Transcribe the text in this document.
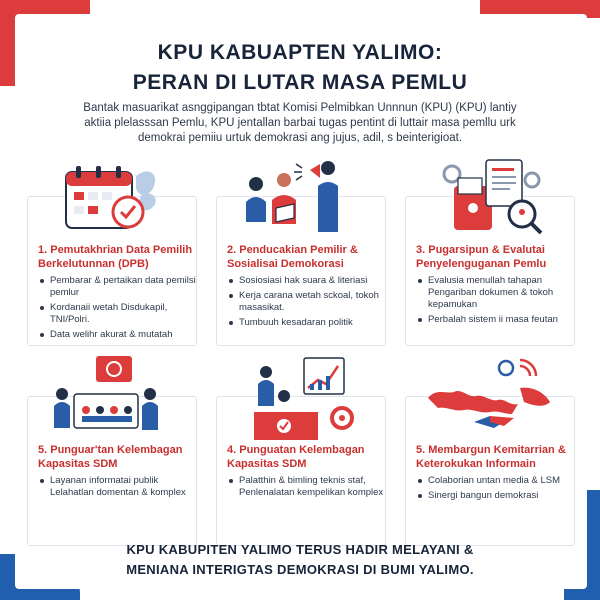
KPU KABUAPTEN YALIMO:
PERAN DI LUTAR MASA PEMLU
Bantak masuarikat asnggipangan tbtat Komisi Pelmibkan Unnnun (KPU) (KPU) lantiy aktiia plelasssan Pemlu, KPU jentallan barbai tugas pentint di luttair masa pemllu urk demokrai pemiiu urtuk demokrasi ang jujus, adil, s beinterigioat.
1. Pemutakhrian Data Pemilih Berkelutunnan (DPB)
Pembarar & pertaikan data pemilsi pemlur
Kordanaii wetah Disdukapil, TNI/Polri.
Data welihr akurat & mutatah
2. Penducakian Pemilir & Sosialisai Demokorasi
Sosiosiasi hak suara & literiasi
Kerja carana wetah sckoal, tokoh masasikat.
Tumbuuh kesadaran politik
3. Pugarsipun & Evalutai Penyelenguganan Pemlu
Evalusia menullah tahapan Pengariban dokumen & tokoh kepamukan
Perbalah sistem ii masa feutan
5. Punguar'tan Kelembagan Kapasitas SDM
Layanan informatai publik Lelahatlan domentan & komplex
4. Punguatan Kelembagan Kapasitas SDM
Palatthin & bimling teknis staf, Penlenalatan kempelikan komplex
5. Membargun Kemitarrian & Keterokukan Informain
Colaborian untan media & LSM
Sinergi bangun demokrasi
KPU KABUPITEN YALIMO TERUS HADIR MELAYANI &
MENIANA INTERIGTAS DEMOKRASI DI BUMI YALIMO.
